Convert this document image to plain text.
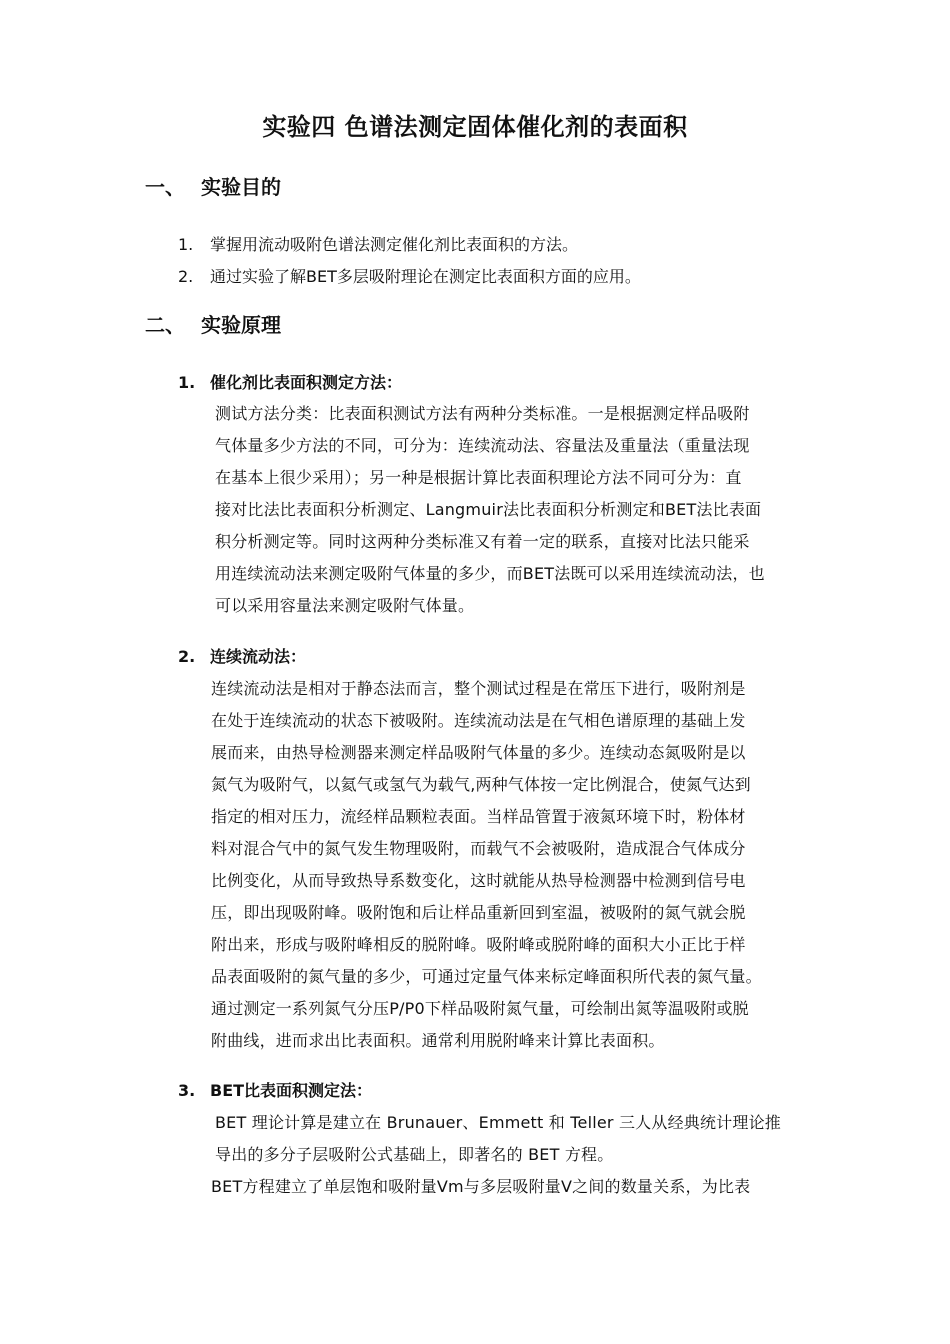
实验四 色谱法测定固体催化剂的表面积
一、 实验目的
1. 掌握用流动吸附色谱法测定催化剂比表面积的方法。
2. 通过实验了解BET多层吸附理论在测定比表面积方面的应用。
二、 实验原理
1. 催化剂比表面积测定方法：
测试方法分类：比表面积测试方法有两种分类标准。一是根据测定样品吸附
气体量多少方法的不同，可分为：连续流动法、容量法及重量法（重量法现
在基本上很少采用）；另一种是根据计算比表面积理论方法不同可分为：直
接对比法比表面积分析测定、Langmuir法比表面积分析测定和BET法比表面
积分析测定等。同时这两种分类标准又有着一定的联系，直接对比法只能采
用连续流动法来测定吸附气体量的多少，而BET法既可以采用连续流动法，也
可以采用容量法来测定吸附气体量。
2. 连续流动法：
连续流动法是相对于静态法而言，整个测试过程是在常压下进行，吸附剂是
在处于连续流动的状态下被吸附。连续流动法是在气相色谱原理的基础上发
展而来，由热导检测器来测定样品吸附气体量的多少。连续动态氮吸附是以
氮气为吸附气，以氦气或氢气为载气,两种气体按一定比例混合，使氮气达到
指定的相对压力，流经样品颗粒表面。当样品管置于液氮环境下时，粉体材
料对混合气中的氮气发生物理吸附，而载气不会被吸附，造成混合气体成分
比例变化，从而导致热导系数变化，这时就能从热导检测器中检测到信号电
压，即出现吸附峰。吸附饱和后让样品重新回到室温，被吸附的氮气就会脱
附出来，形成与吸附峰相反的脱附峰。吸附峰或脱附峰的面积大小正比于样
品表面吸附的氮气量的多少，可通过定量气体来标定峰面积所代表的氮气量。
通过测定一系列氮气分压P/P0下样品吸附氮气量，可绘制出氮等温吸附或脱
附曲线，进而求出比表面积。通常利用脱附峰来计算比表面积。
3. BET比表面积测定法：
BET 理论计算是建立在 Brunauer、Emmett 和 Teller 三人从经典统计理论推
导出的多分子层吸附公式基础上，即著名的 BET 方程。
BET方程建立了单层饱和吸附量Vm与多层吸附量V之间的数量关系，为比表
